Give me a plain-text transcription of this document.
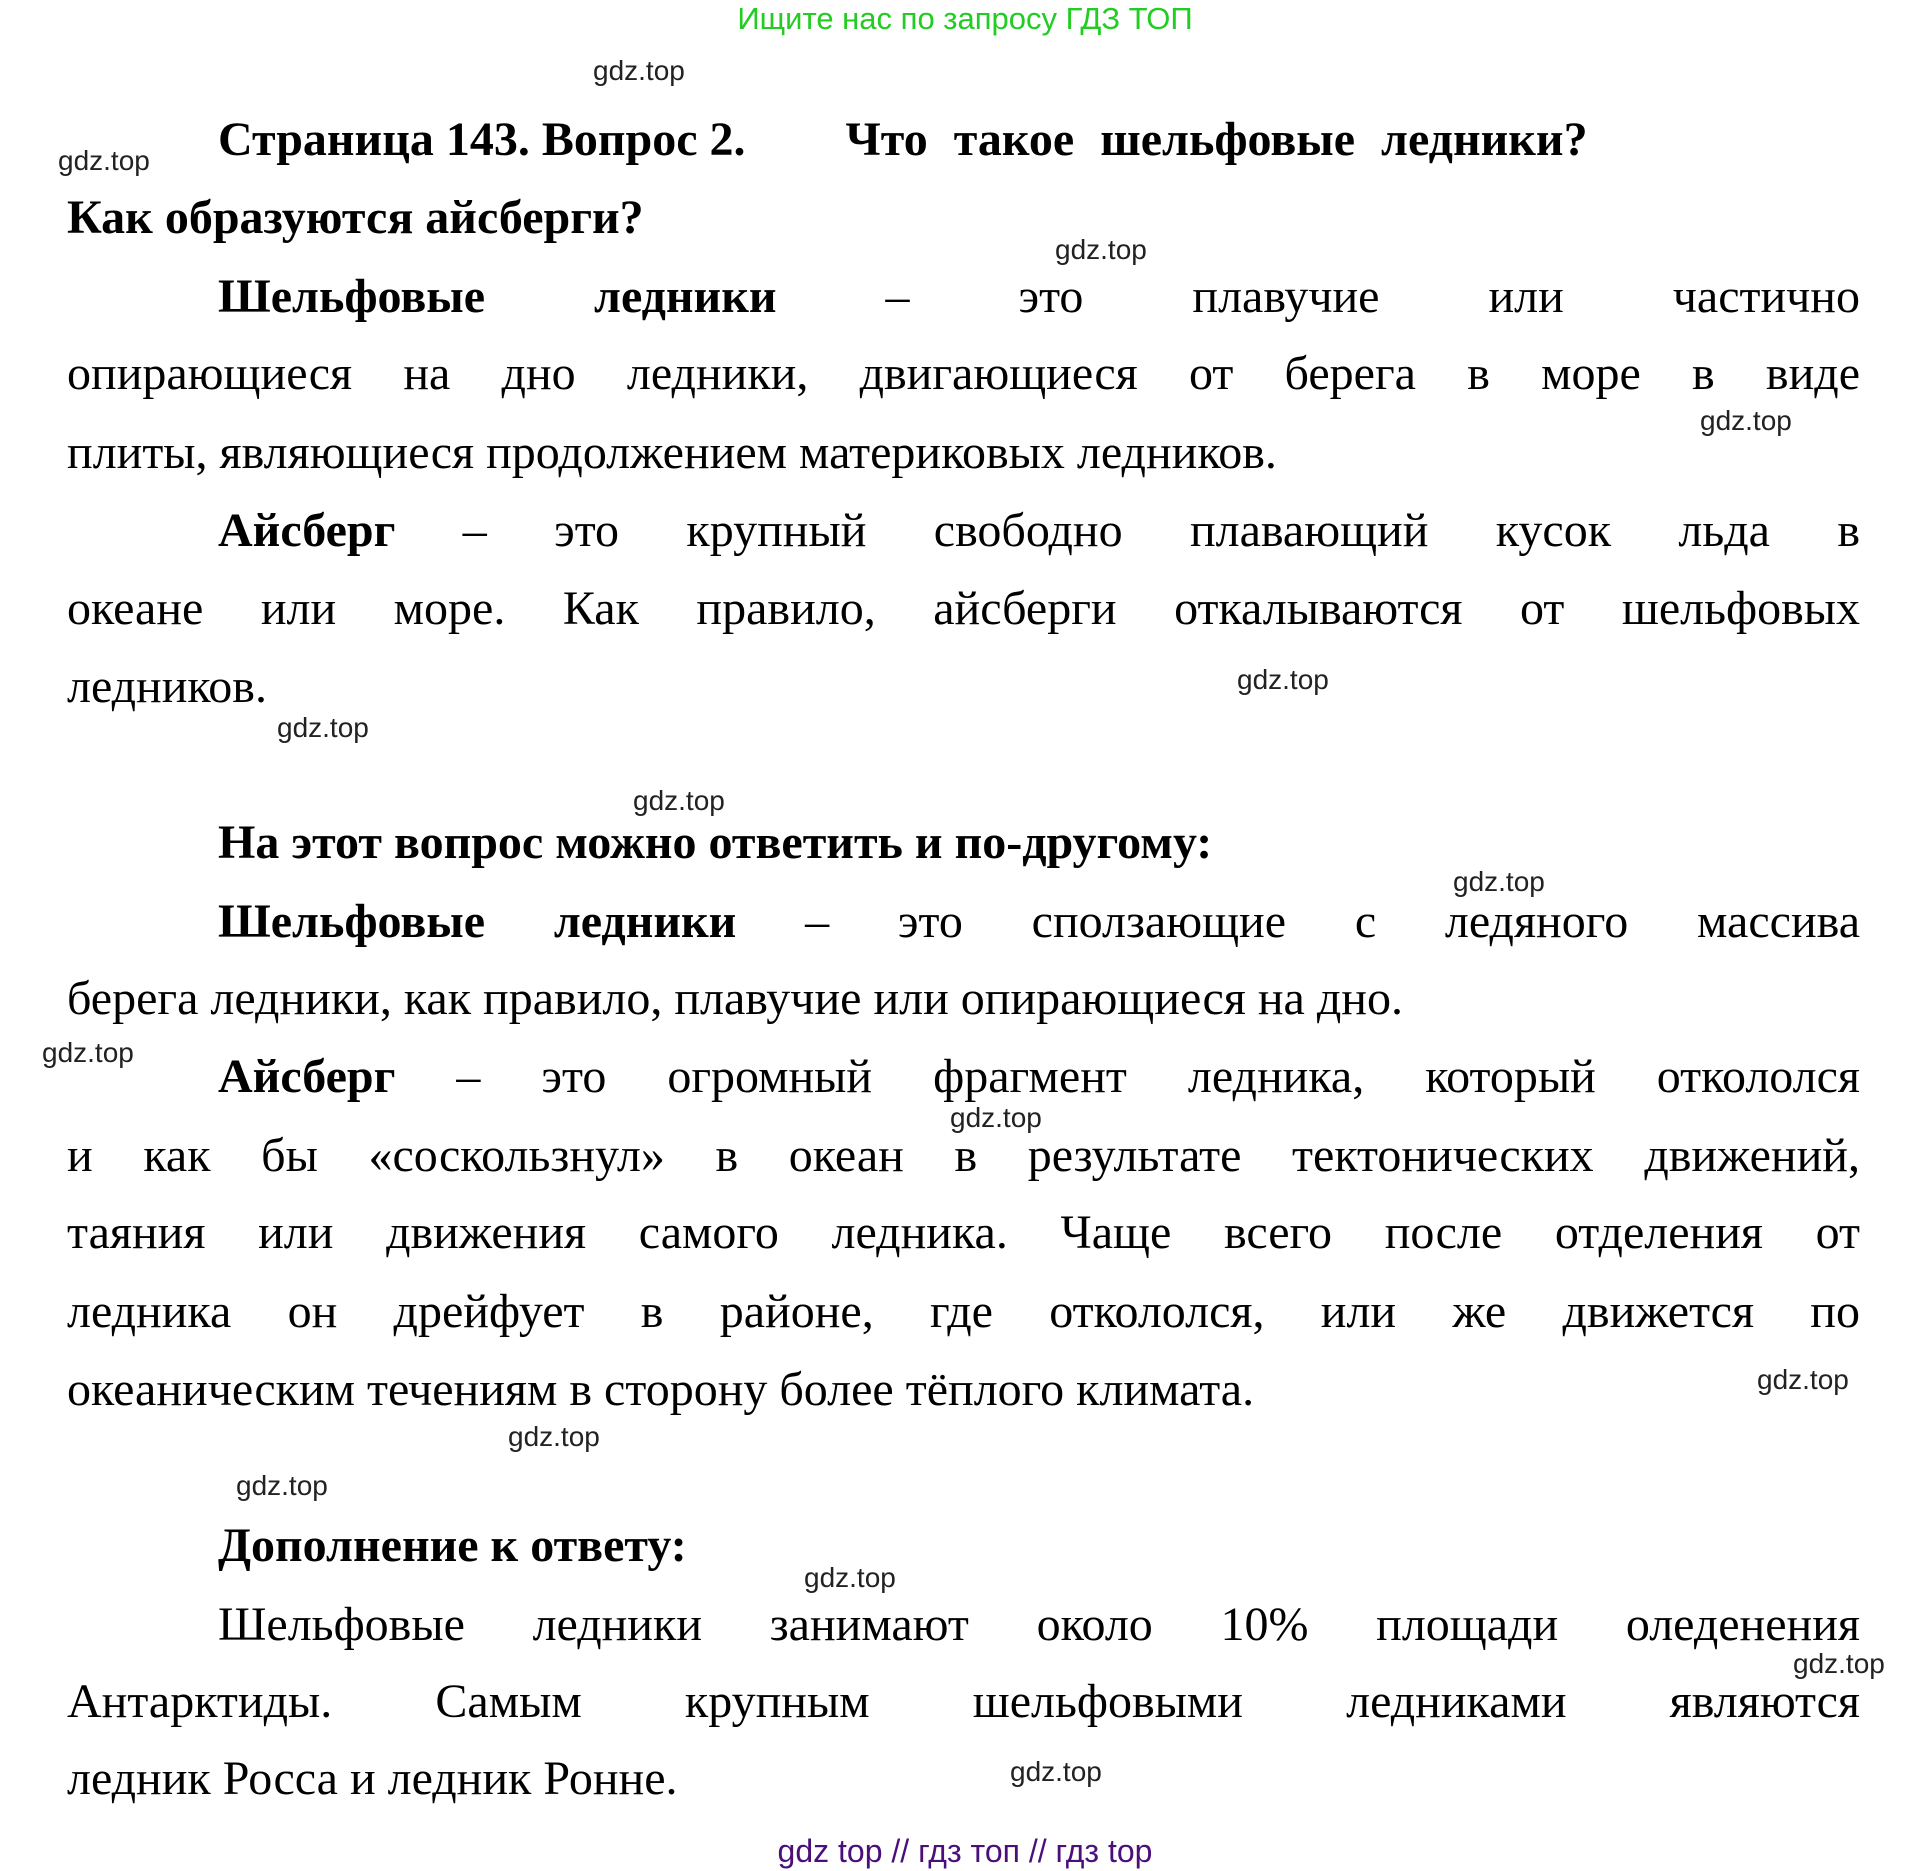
Ищите нас по запросу ГДЗ ТОП
Страница 143. Вопрос 2. Что такое шельфовые ледники?
Как образуются айсберги?
Шельфовые ледники – это плавучие или частично
опирающиеся на дно ледники, двигающиеся от берега в море в виде
плиты, являющиеся продолжением материковых ледников.
Айсберг – это крупный свободно плавающий кусок льда в
океане или море. Как правило, айсберги откалываются от шельфовых
ледников.
На этот вопрос можно ответить и по-другому:
Шельфовые ледники – это сползающие с ледяного массива
берега ледники, как правило, плавучие или опирающиеся на дно.
Айсберг – это огромный фрагмент ледника, который откололся
и как бы «соскользнул» в океан в результате тектонических движений,
таяния или движения самого ледника. Чаще всего после отделения от
ледника он дрейфует в районе, где откололся, или же движется по
океаническим течениям в сторону более тёплого климата.
Дополнение к ответу:
Шельфовые ледники занимают около 10% площади оледенения
Антарктиды. Самым крупным шельфовыми ледниками являются
ледник Росса и ледник Ронне.
gdz.top
gdz.top
gdz.top
gdz.top
gdz.top
gdz.top
gdz.top
gdz.top
gdz.top
gdz.top
gdz.top
gdz.top
gdz.top
gdz.top
gdz.top
gdz.top
gdz top // гдз топ // гдз top
